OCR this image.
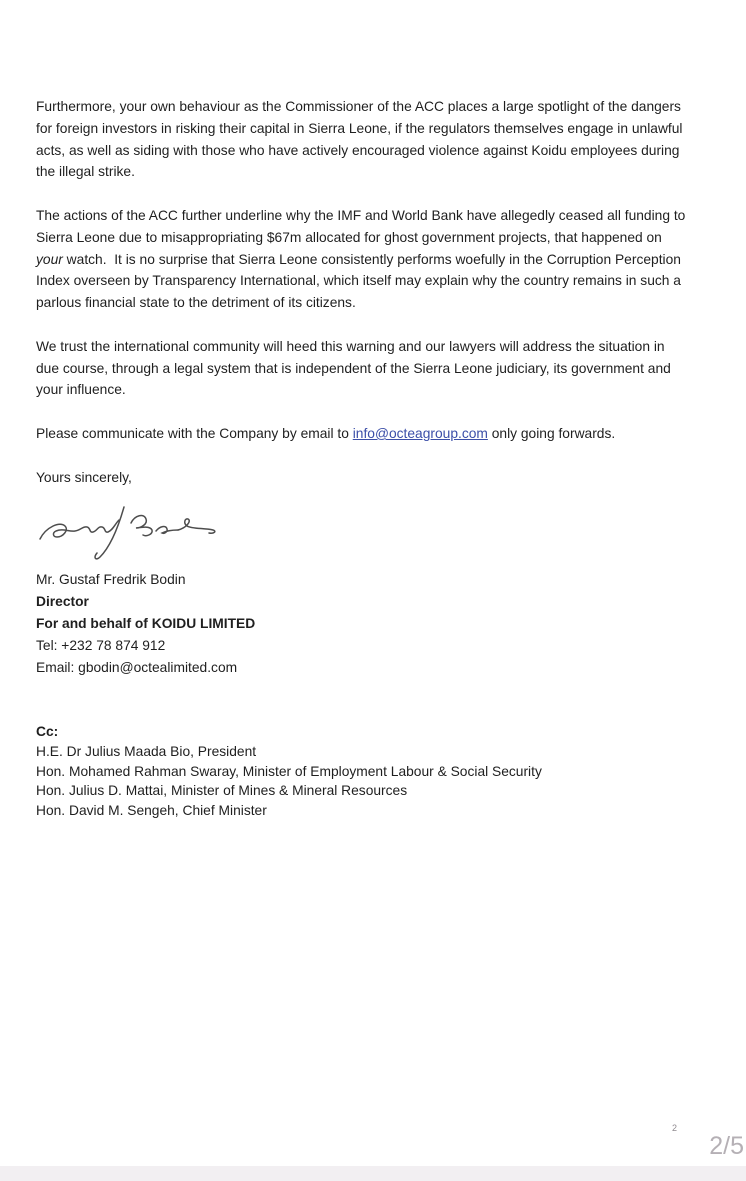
Furthermore, your own behaviour as the Commissioner of the ACC places a large spotlight of the dangers for foreign investors in risking their capital in Sierra Leone, if the regulators themselves engage in unlawful acts, as well as siding with those who have actively encouraged violence against Koidu employees during the illegal strike.

The actions of the ACC further underline why the IMF and World Bank have allegedly ceased all funding to Sierra Leone due to misappropriating $67m allocated for ghost government projects, that happened on your watch.  It is no surprise that Sierra Leone consistently performs woefully in the Corruption Perception Index overseen by Transparency International, which itself may explain why the country remains in such a parlous financial state to the detriment of its citizens.

We trust the international community will heed this warning and our lawyers will address the situation in due course, through a legal system that is independent of the Sierra Leone judiciary, its government and your influence.

Please communicate with the Company by email to info@octeagroup.com only going forwards.

Yours sincerely,

Mr. Gustaf Fredrik Bodin

Director

For and behalf of KOIDU LIMITED

Tel: +232 78 874 912

Email: gbodin@octealimited.com

Cc:

H.E. Dr Julius Maada Bio, President

Hon. Mohamed Rahman Swaray, Minister of Employment Labour & Social Security

Hon. Julius D. Mattai, Minister of Mines & Mineral Resources

Hon. David M. Sengeh, Chief Minister

2
2/5
